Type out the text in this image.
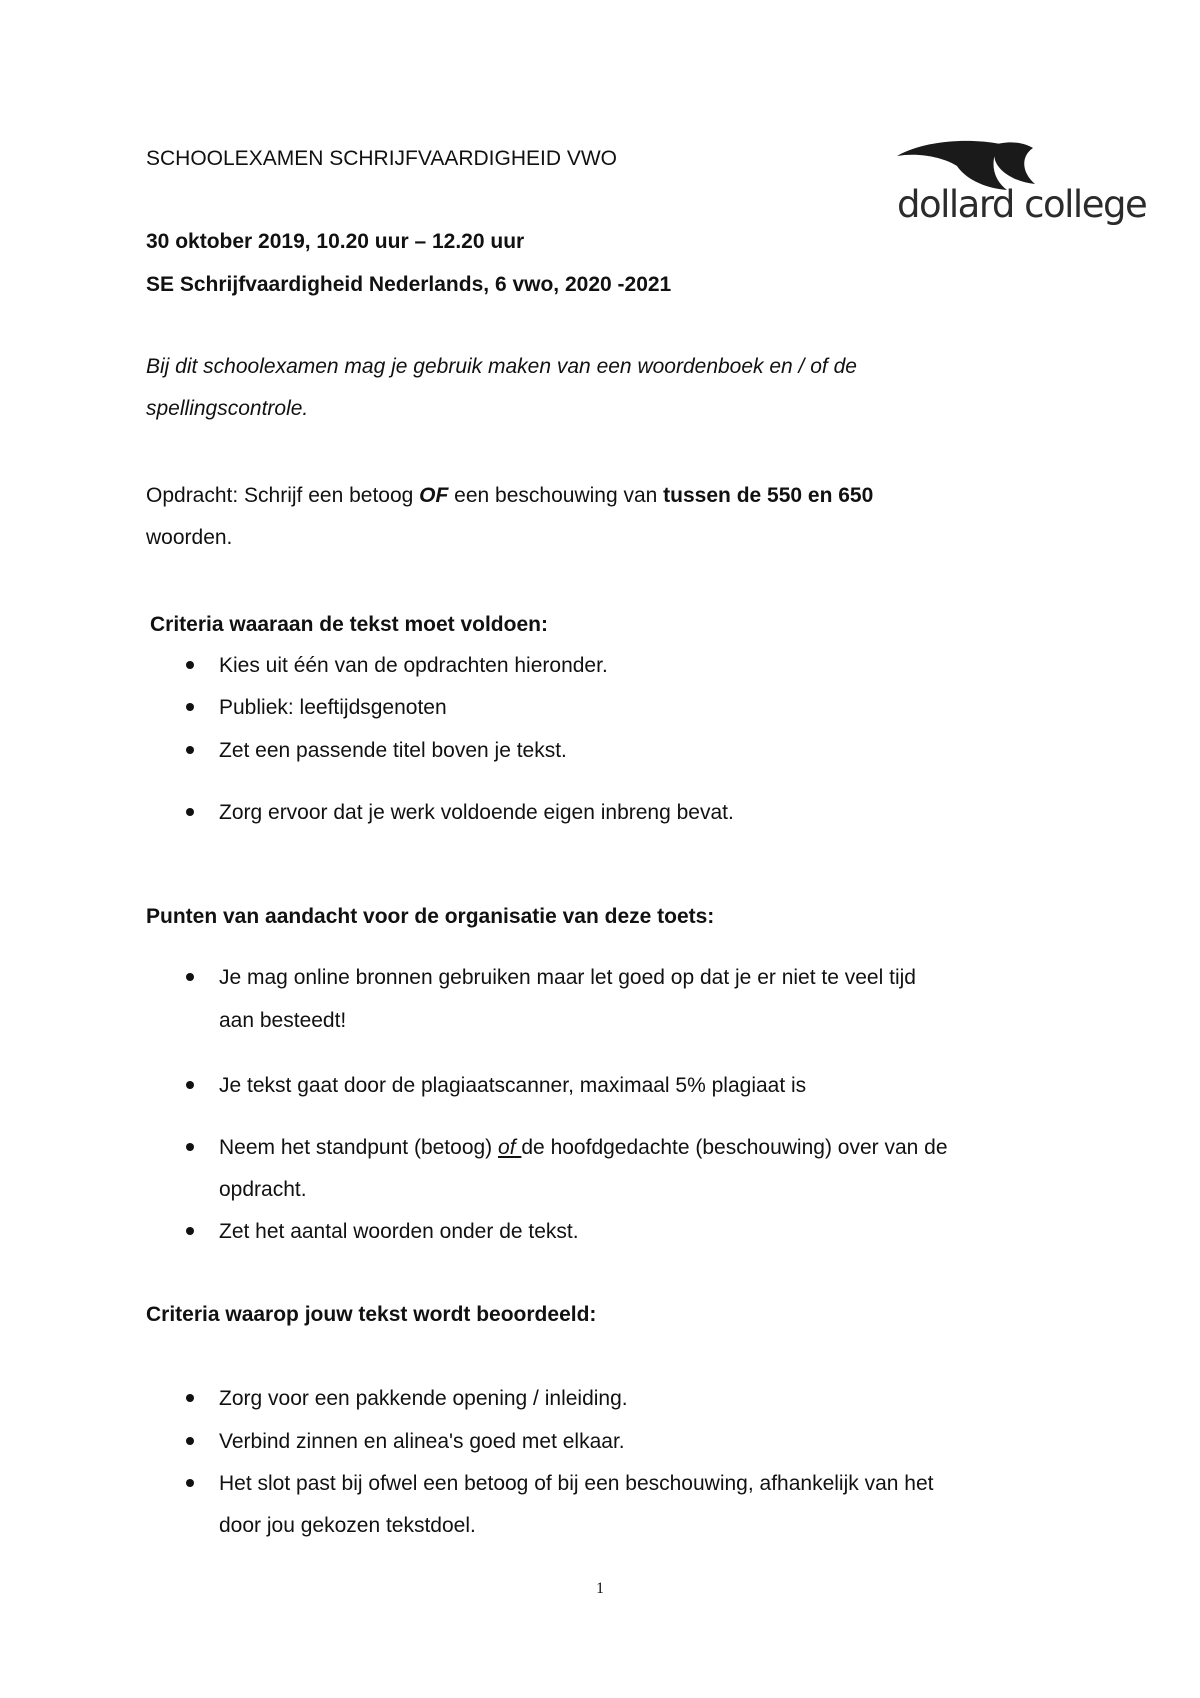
dollard college

SCHOOLEXAMEN SCHRIJFVAARDIGHEID VWO

30 oktober 2019, 10.20 uur – 12.20 uur

SE Schrijfvaardigheid Nederlands, 6 vwo, 2020 -2021

Bij dit schoolexamen mag je gebruik maken van een woordenboek en / of de

spellingscontrole.

Opdracht: Schrijf een betoog OF een beschouwing van tussen de 550 en 650

woorden.

Criteria waaraan de tekst moet voldoen:

Kies uit één van de opdrachten hieronder.

Publiek: leeftijdsgenoten

Zet een passende titel boven je tekst.

Zorg ervoor dat je werk voldoende eigen inbreng bevat.

Punten van aandacht voor de organisatie van deze toets:

Je mag online bronnen gebruiken maar let goed op dat je er niet te veel tijd

aan besteedt!

Je tekst gaat door de plagiaatscanner, maximaal 5% plagiaat is

Neem het standpunt (betoog) of de hoofdgedachte (beschouwing) over van de

opdracht.

Zet het aantal woorden onder de tekst.

Criteria waarop jouw tekst wordt beoordeeld:

Zorg voor een pakkende opening / inleiding.

Verbind zinnen en alinea's goed met elkaar.

Het slot past bij ofwel een betoog of bij een beschouwing, afhankelijk van het

door jou gekozen tekstdoel.

1
